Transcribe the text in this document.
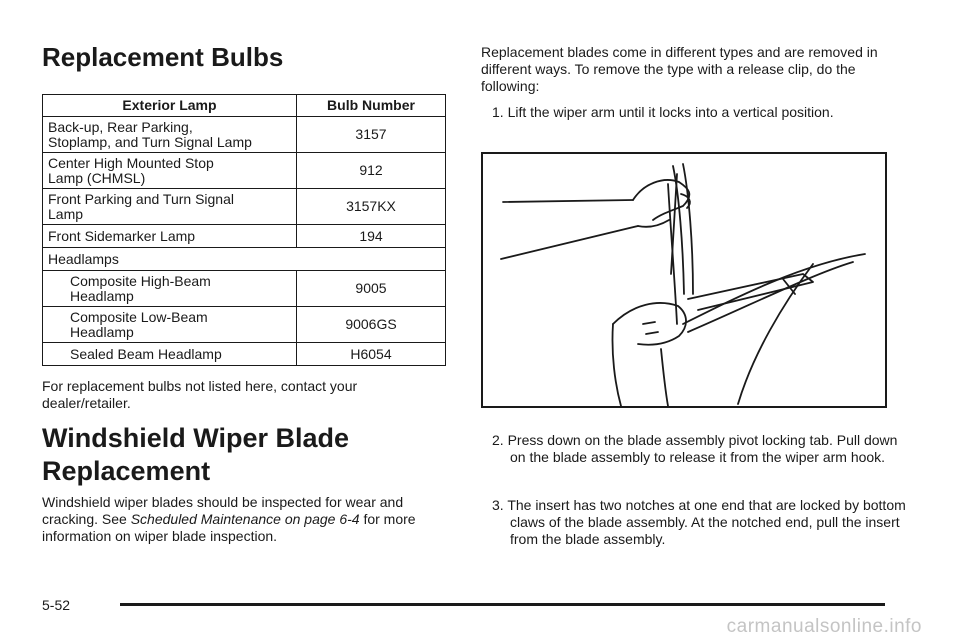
Replacement Bulbs
Exterior Lamp	Bulb Number
Back-up, Rear Parking,
Stoplamp, and Turn Signal Lamp	3157
Center High Mounted Stop
Lamp (CHMSL)	912
Front Parking and Turn Signal
Lamp	3157KX
Front Sidemarker Lamp	194
Headlamps	
Composite High-Beam
Headlamp	9005
Composite Low-Beam
Headlamp	9006GS
Sealed Beam Headlamp	H6054

For replacement bulbs not listed here, contact your dealer/retailer.

Windshield Wiper Blade Replacement

Windshield wiper blades should be inspected for wear and cracking. See Scheduled Maintenance on page 6-4 for more information on wiper blade inspection.

Replacement blades come in different types and are removed in different ways. To remove the type with a release clip, do the following:

1. Lift the wiper arm until it locks into a vertical position.

2. Press down on the blade assembly pivot locking tab. Pull down on the blade assembly to release it from the wiper arm hook.

3. The insert has two notches at one end that are locked by bottom claws of the blade assembly. At the notched end, pull the insert from the blade assembly.

5-52

carmanualsonline.info
